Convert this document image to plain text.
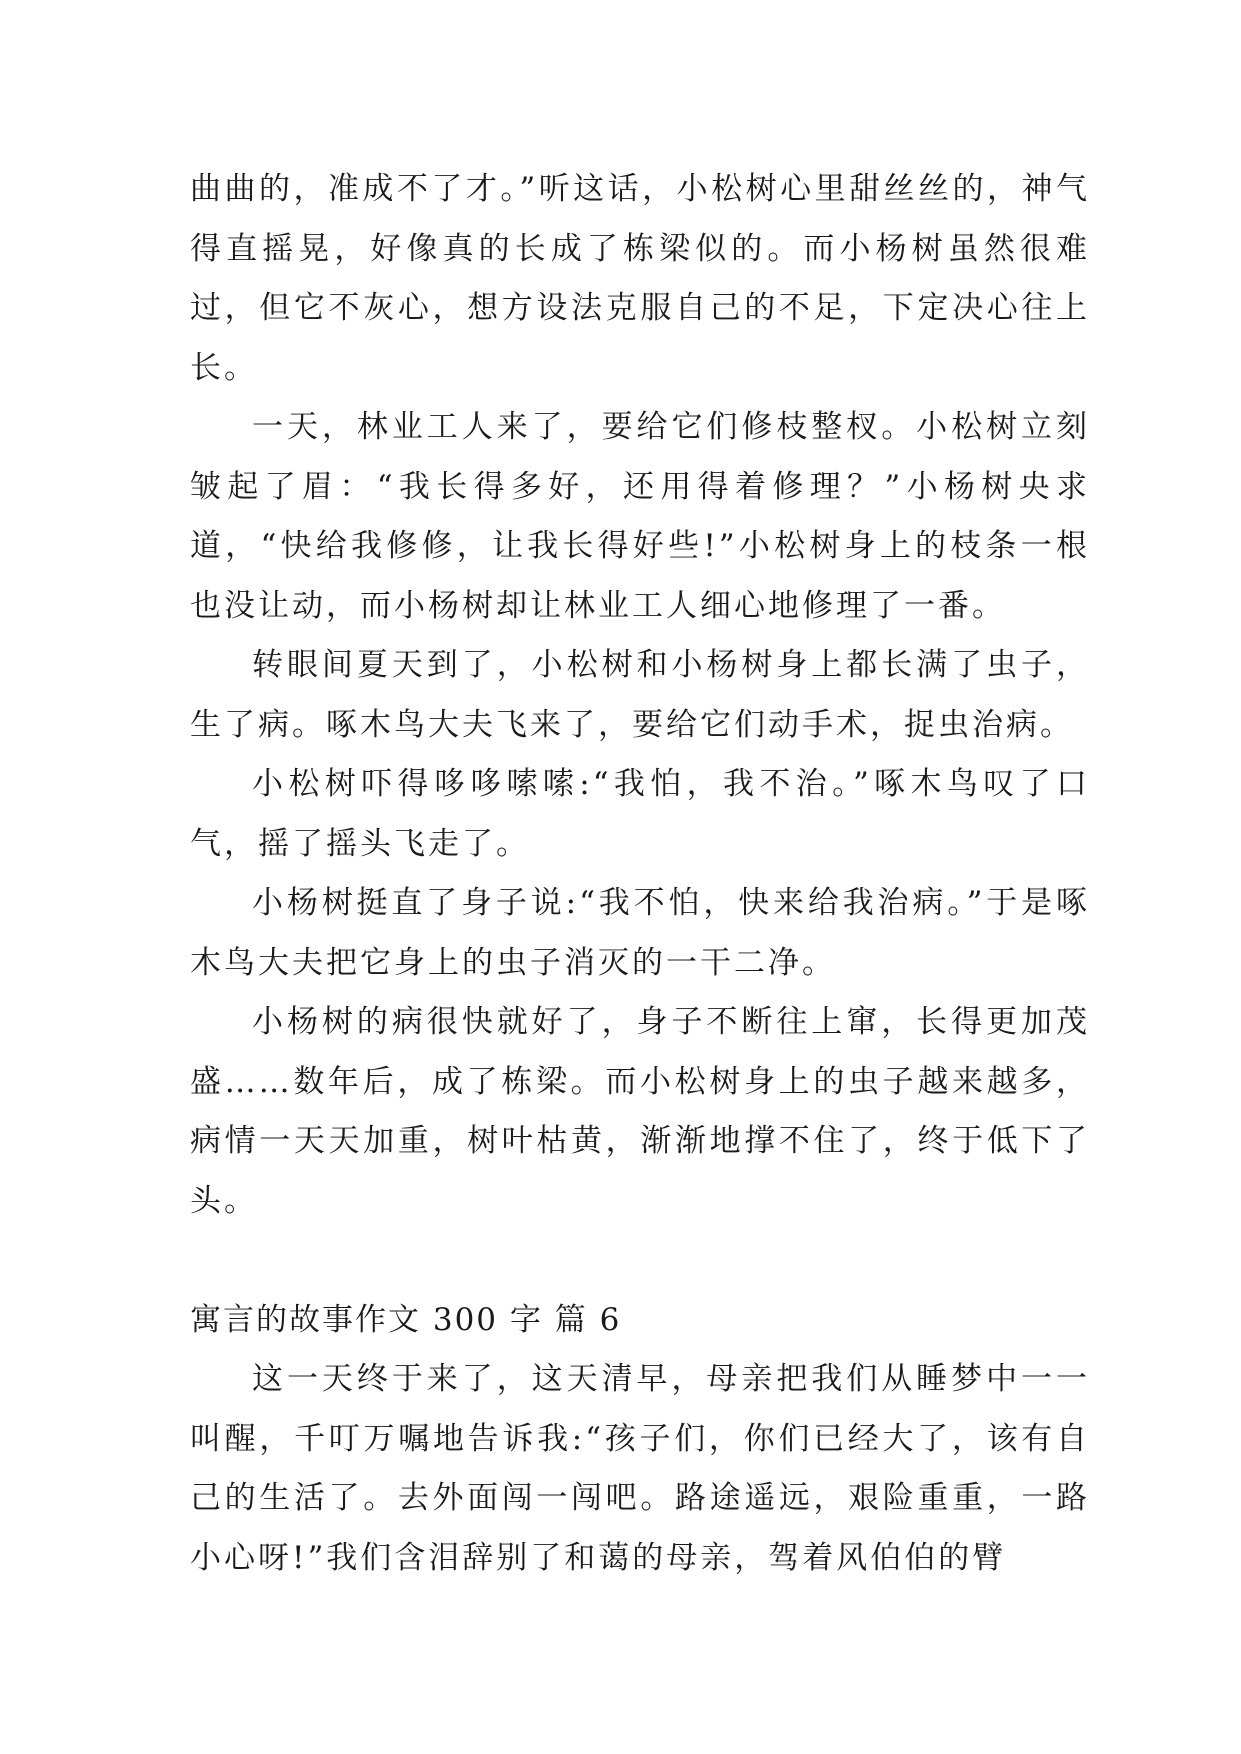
曲曲的，准成不了才。”听这话，小松树心里甜丝丝的，神气得直摇晃，好像真的长成了栋梁似的。而小杨树虽然很难过，但它不灰心，想方设法克服自己的不足，下定决心往上长。

一天，林业工人来了，要给它们修枝整杈。小松树立刻皱起了眉：“我长得多好，还用得着修理？”小杨树央求道，“快给我修修，让我长得好些!”小松树身上的枝条一根也没让动，而小杨树却让林业工人细心地修理了一番。

转眼间夏天到了，小松树和小杨树身上都长满了虫子，生了病。啄木鸟大夫飞来了，要给它们动手术，捉虫治病。

小松树吓得哆哆嗦嗦:“我怕，我不治。”啄木鸟叹了口气，摇了摇头飞走了。

小杨树挺直了身子说:“我不怕，快来给我治病。”于是啄木鸟大夫把它身上的虫子消灭的一干二净。

小杨树的病很快就好了，身子不断往上窜，长得更加茂盛……数年后，成了栋梁。而小松树身上的虫子越来越多，病情一天天加重，树叶枯黄，渐渐地撑不住了，终于低下了头。

寓言的故事作文 300 字 篇 6

这一天终于来了，这天清早，母亲把我们从睡梦中一一叫醒，千叮万嘱地告诉我:“孩子们，你们已经大了，该有自己的生活了。去外面闯一闯吧。路途遥远，艰险重重，一路小心呀!”我们含泪辞别了和蔼的母亲，驾着风伯伯的臂
